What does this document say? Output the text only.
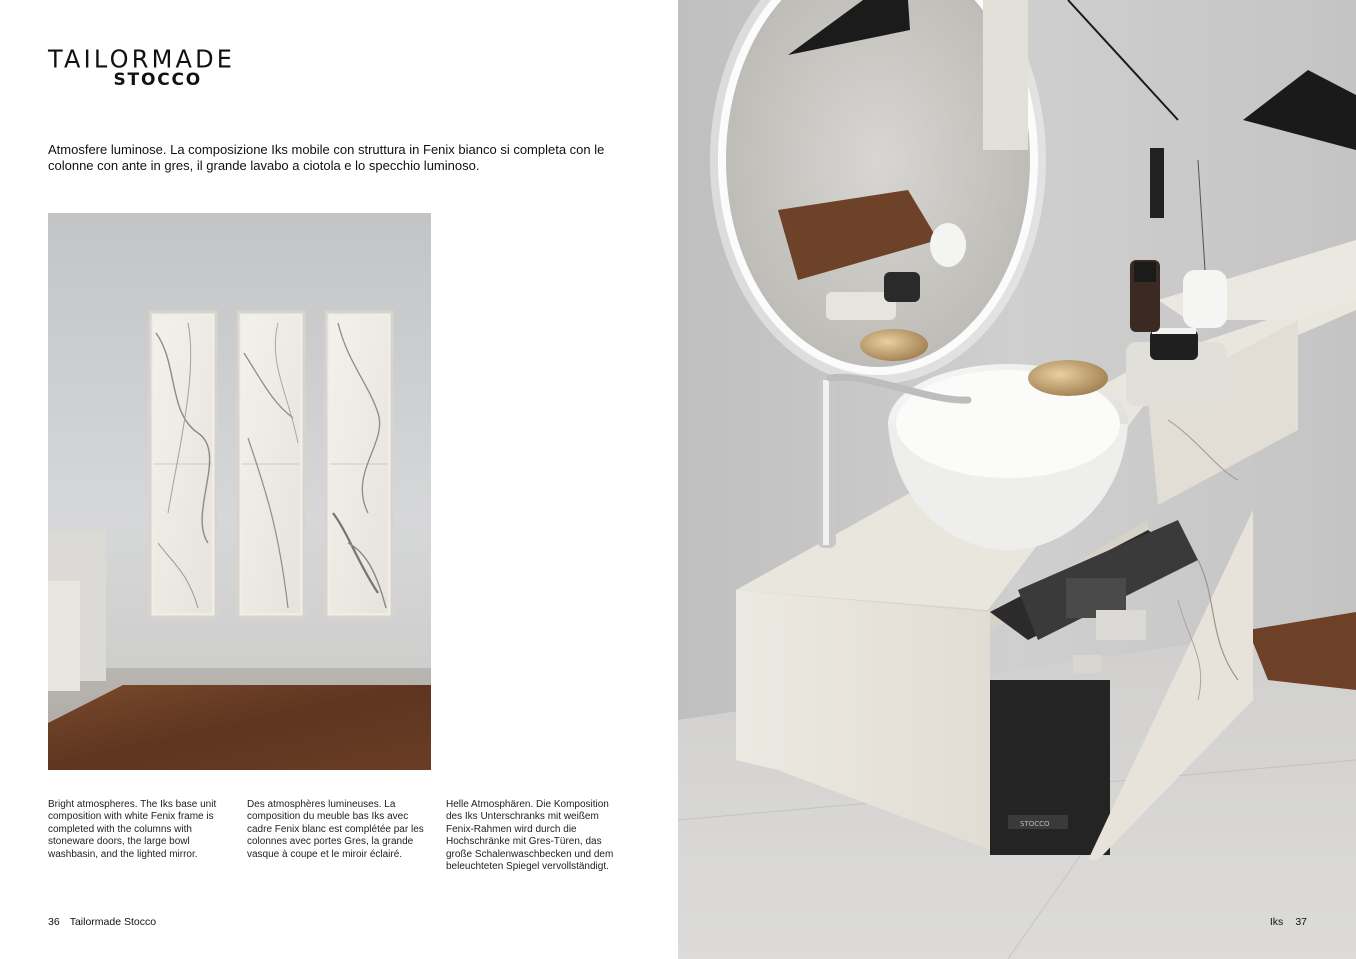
TAILORMADE
STOCCO

Atmosfere luminose. La composizione Iks mobile con struttura in Fenix bianco si completa con le colonne con ante in gres, il grande lavabo a ciotola e lo specchio luminoso.

Bright atmospheres. The Iks base unit composition with white Fenix frame is completed with the columns with stoneware doors, the large bowl washbasin, and the lighted mirror.
Des atmosphères lumineuses. La composition du meuble bas Iks avec cadre Fenix blanc est complétée par les colonnes avec portes Gres, la grande vasque à coupe et le miroir éclairé.
Helle Atmosphären. Die Komposition des Iks Unterschranks mit weißem Fenix-Rahmen wird durch die Hochschränke mit Gres-Türen, das große Schalenwaschbecken und dem beleuchteten Spiegel vervollständigt.
36 Tailormade Stocco
STOCCO
Iks 37
